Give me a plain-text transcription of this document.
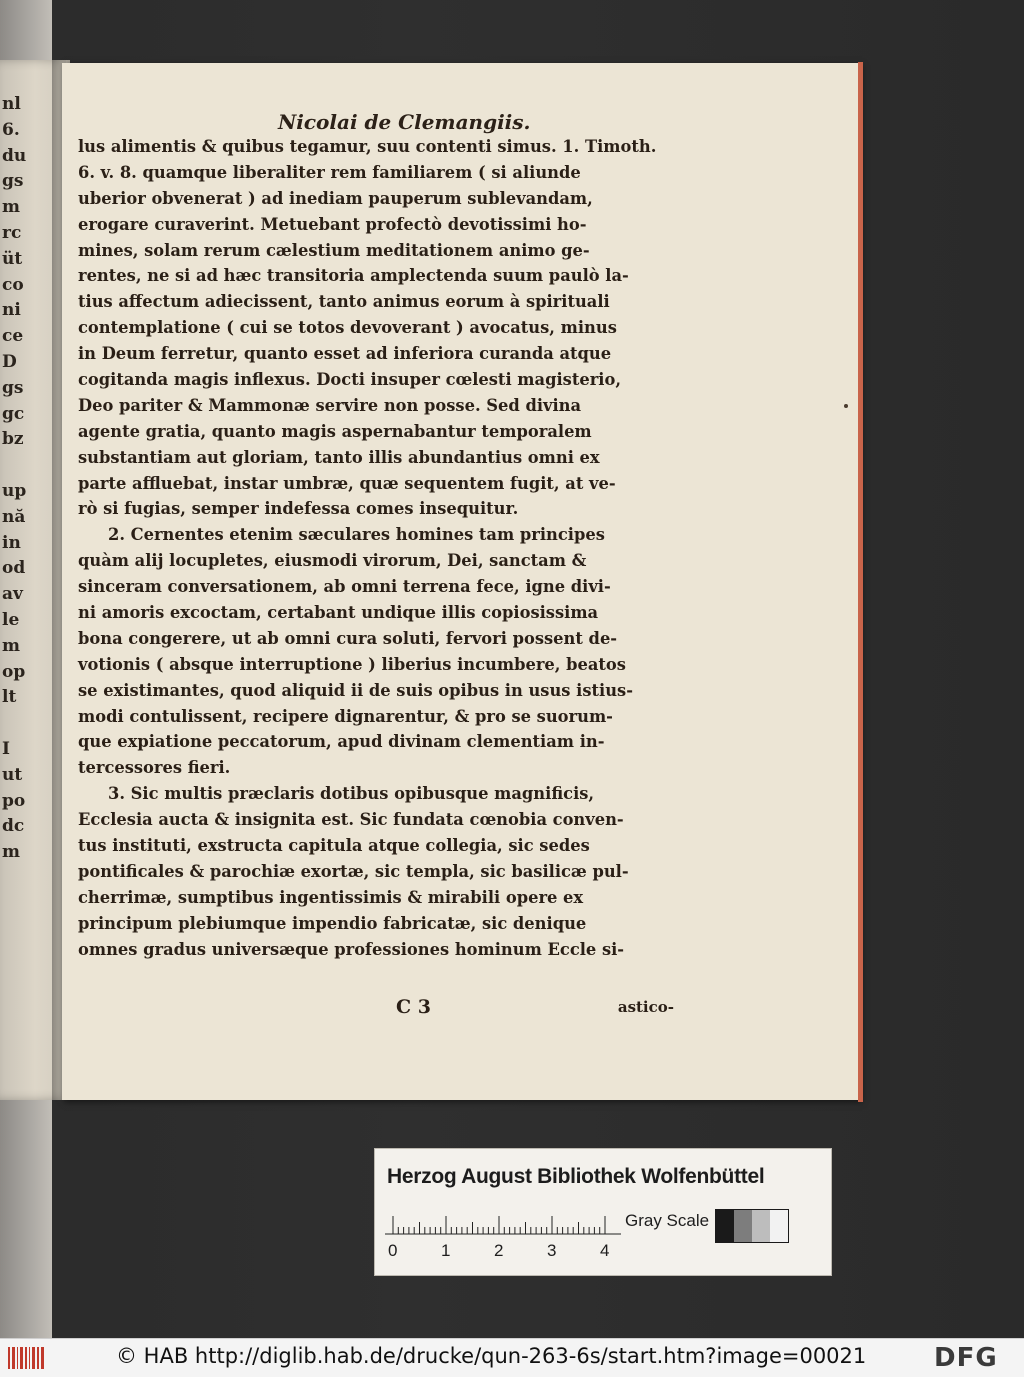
nl
6.
du
gs
m
rc
üt
co
ni
ce
D
gs
gc
bz
up
nă
in
od
av
le
m
op
lt
I
ut
po
dc
m
Nicolai de Clemangiis.
lus alimentis & quibus tegamur, suu contenti simus. 1. Timoth.
6. v. 8. quamque liberaliter rem familiarem ( si aliunde
uberior obvenerat ) ad inediam pauperum sublevandam,
erogare curaverint. Metuebant profectò devotissimi ho-
mines, solam rerum cælestium meditationem animo ge-
rentes, ne si ad hæc transitoria amplectenda suum paulò la-
tius affectum adiecissent, tanto animus eorum à spirituali
contemplatione ( cui se totos devoverant ) avocatus, minus
in Deum ferretur, quanto esset ad inferiora curanda atque
cogitanda magis inflexus. Docti insuper cœlesti magisterio,
Deo pariter & Mammonæ servire non posse. Sed divina
agente gratia, quanto magis aspernabantur temporalem
substantiam aut gloriam, tanto illis abundantius omni ex
parte affluebat, instar umbræ, quæ sequentem fugit, at ve-
rò si fugias, semper indefessa comes insequitur.
2. Cernentes etenim sæculares homines tam principes
quàm alij locupletes, eiusmodi virorum, Dei, sanctam &
sinceram conversationem, ab omni terrena fece, igne divi-
ni amoris excoctam, certabant undique illis copiosissima
bona congerere, ut ab omni cura soluti, fervori possent de-
votionis ( absque interruptione ) liberius incumbere, beatos
se existimantes, quod aliquid ii de suis opibus in usus istius-
modi contulissent, recipere dignarentur, & pro se suorum-
que expiatione peccatorum, apud divinam clementiam in-
tercessores fieri.
3. Sic multis præclaris dotibus opibusque magnificis,
Ecclesia aucta & insignita est. Sic fundata cœnobia conven-
tus instituti, exstructa capitula atque collegia, sic sedes
pontificales & parochiæ exortæ, sic templa, sic basilicæ pul-
cherrimæ, sumptibus ingentissimis & mirabili opere ex
principum plebiumque impendio fabricatæ, sic denique
omnes gradus universæque professiones hominum Eccle si-
C 3	astico-
Herzog August Bibliothek Wolfenbüttel
0	1	2	3	4
Gray Scale
© HAB http://diglib.hab.de/drucke/qun-263-6s/start.htm?image=00021	DFG
